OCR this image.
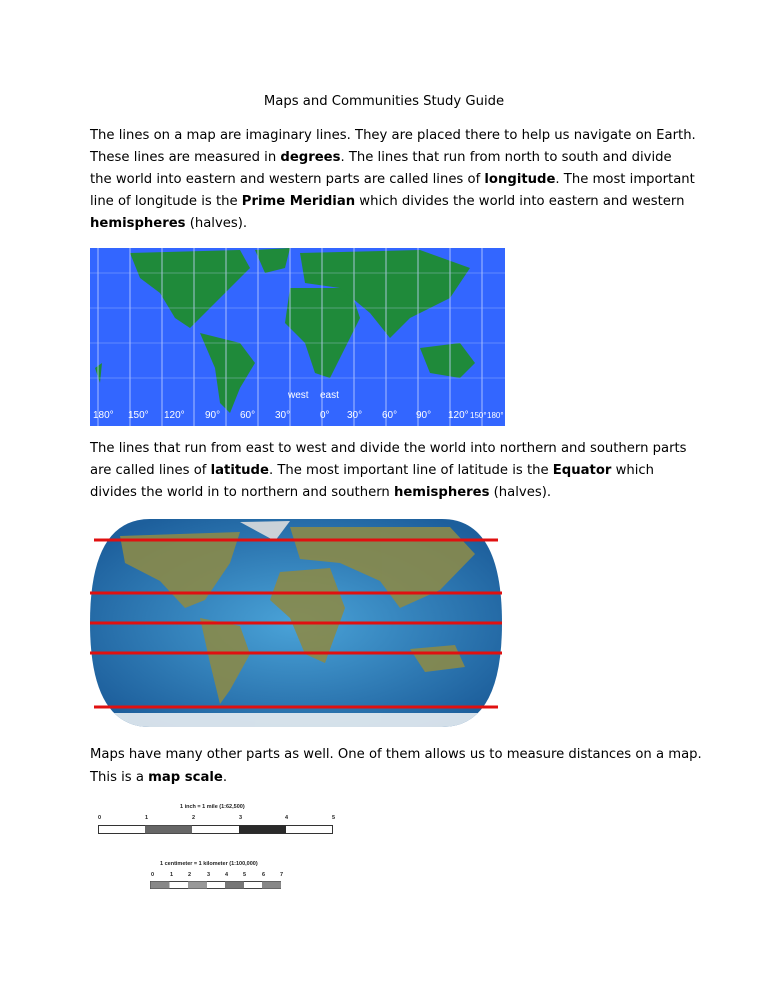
Maps and Communities Study Guide
The lines on a map are imaginary lines. They are placed there to help us navigate on Earth.
These lines are measured in degrees. The lines that run from north to south and divide
the world into eastern and western parts are called lines of longitude. The most important
line of longitude is the Prime Meridian which divides the world into eastern and western
hemispheres (halves).
west east
180° 150° 120° 90° 60° 30°	0° 30° 60° 90° 120° 150° 180°
The lines that run from east to west and divide the world into northern and southern parts
are called lines of latitude. The most important line of latitude is the Equator which
divides the world in to northern and southern hemispheres (halves).
Maps have many other parts as well. One of them allows us to measure distances on a map.
This is a map scale.
1 inch = 1 mile (1:62,500)
0	1	2	3	4	5
1 centimeter = 1 kilometer (1:100,000)
0	1	2	3	4	5	6	7
